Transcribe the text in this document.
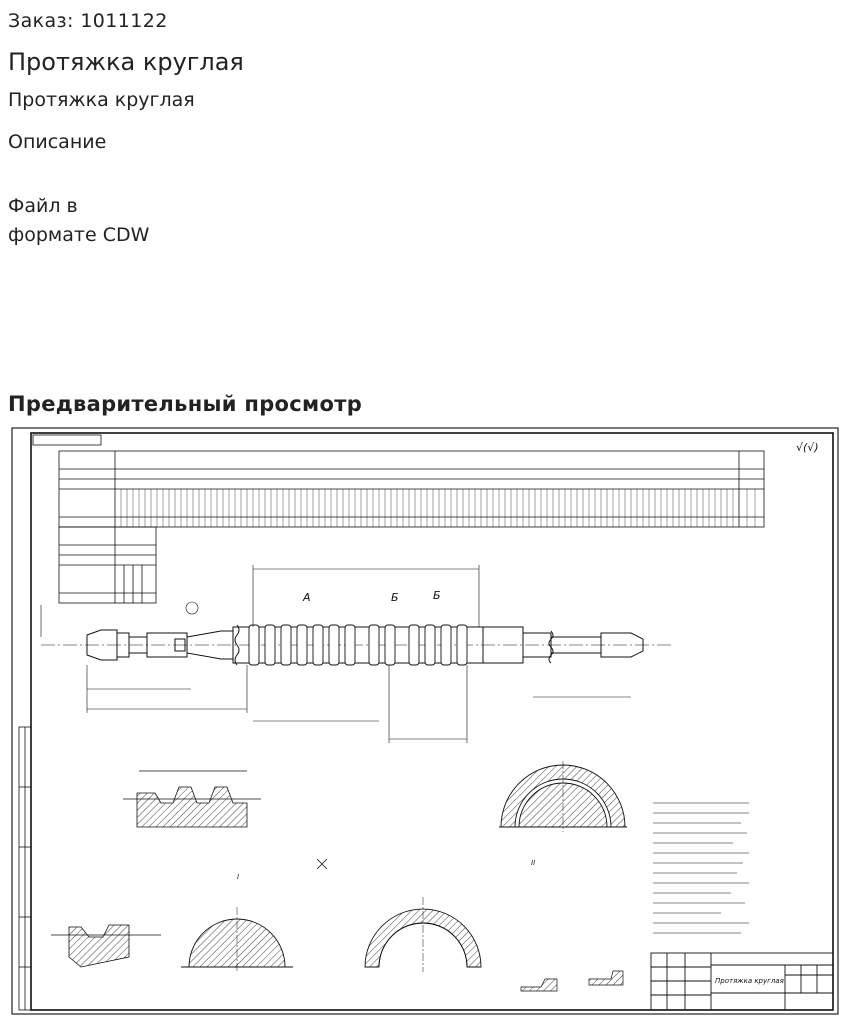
Заказ: 1011122
Протяжка круглая
Протяжка круглая
Описание
Файл в
формате CDW
Предварительный просмотр
√(√)
А	Б	Б
I
II
Протяжка круглая
